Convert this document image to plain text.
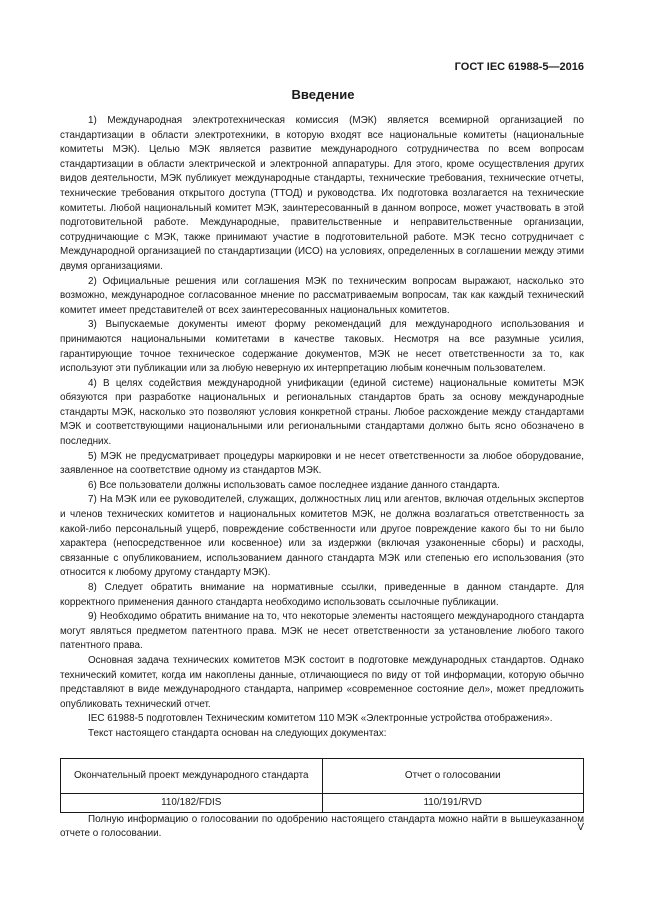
ГОСТ IEC 61988-5—2016
Введение

1) Международная электротехническая комиссия (МЭК) является всемирной организацией по стандартизации в области электротехники, в которую входят все национальные комитеты (национальные комитеты МЭК). Целью МЭК является развитие международного сотрудничества по всем вопросам стандартизации в области электрической и электронной аппаратуры. Для этого, кроме осуществления других видов деятельности, МЭК публикует международные стандарты, технические требования, технические отчеты, технические требования открытого доступа (ТТОД) и руководства. Их подготовка возлагается на технические комитеты. Любой национальный комитет МЭК, заинтересованный в данном вопросе, может участвовать в этой подготовительной работе. Международные, правительственные и неправительственные организации, сотрудничающие с МЭК, также принимают участие в подготовительной работе. МЭК тесно сотрудничает с Международной организацией по стандартизации (ИСО) на условиях, определенных в соглашении между этими двумя организациями.

2) Официальные решения или соглашения МЭК по техническим вопросам выражают, насколько это возможно, международное согласованное мнение по рассматриваемым вопросам, так как каждый технический комитет имеет представителей от всех заинтересованных национальных комитетов.

3) Выпускаемые документы имеют форму рекомендаций для международного использования и принимаются национальными комитетами в качестве таковых. Несмотря на все разумные усилия, гарантирующие точное техническое содержание документов, МЭК не несет ответственности за то, как используют эти публикации или за любую неверную их интерпретацию любым конечным пользователем.

4) В целях содействия международной унификации (единой системе) национальные комитеты МЭК обязуются при разработке национальных и региональных стандартов брать за основу международные стандарты МЭК, насколько это позволяют условия конкретной страны. Любое расхождение между стандартами МЭК и соответствующими национальными или региональными стандартами должно быть ясно обозначено в последних.

5) МЭК не предусматривает процедуры маркировки и не несет ответственности за любое оборудование, заявленное на соответствие одному из стандартов МЭК.

6) Все пользователи должны использовать самое последнее издание данного стандарта.

7) На МЭК или ее руководителей, служащих, должностных лиц или агентов, включая отдельных экспертов и членов технических комитетов и национальных комитетов МЭК, не должна возлагаться ответственность за какой-либо персональный ущерб, повреждение собственности или другое повреждение какого бы то ни было характера (непосредственное или косвенное) или за издержки (включая узаконенные сборы) и расходы, связанные с опубликованием, использованием данного стандарта МЭК или степенью его использования (это относится к любому другому стандарту МЭК).

8) Следует обратить внимание на нормативные ссылки, приведенные в данном стандарте. Для корректного применения данного стандарта необходимо использовать ссылочные публикации.

9) Необходимо обратить внимание на то, что некоторые элементы настоящего международного стандарта могут являться предметом патентного права. МЭК не несет ответственности за установление любого такого патентного права.

Основная задача технических комитетов МЭК состоит в подготовке международных стандартов. Однако технический комитет, когда им накоплены данные, отличающиеся по виду от той информации, которую обычно представляют в виде международного стандарта, например «современное состояние дел», может предложить опубликовать технический отчет.

IEC 61988-5 подготовлен Техническим комитетом 110 МЭК «Электронные устройства отображения».

Текст настоящего стандарта основан на следующих документах:

Окончательный проект международного стандарта	Отчет о голосовании
110/182/FDIS	110/191/RVD

Полную информацию о голосовании по одобрению настоящего стандарта можно найти в вышеуказанном отчете о голосовании.

V
